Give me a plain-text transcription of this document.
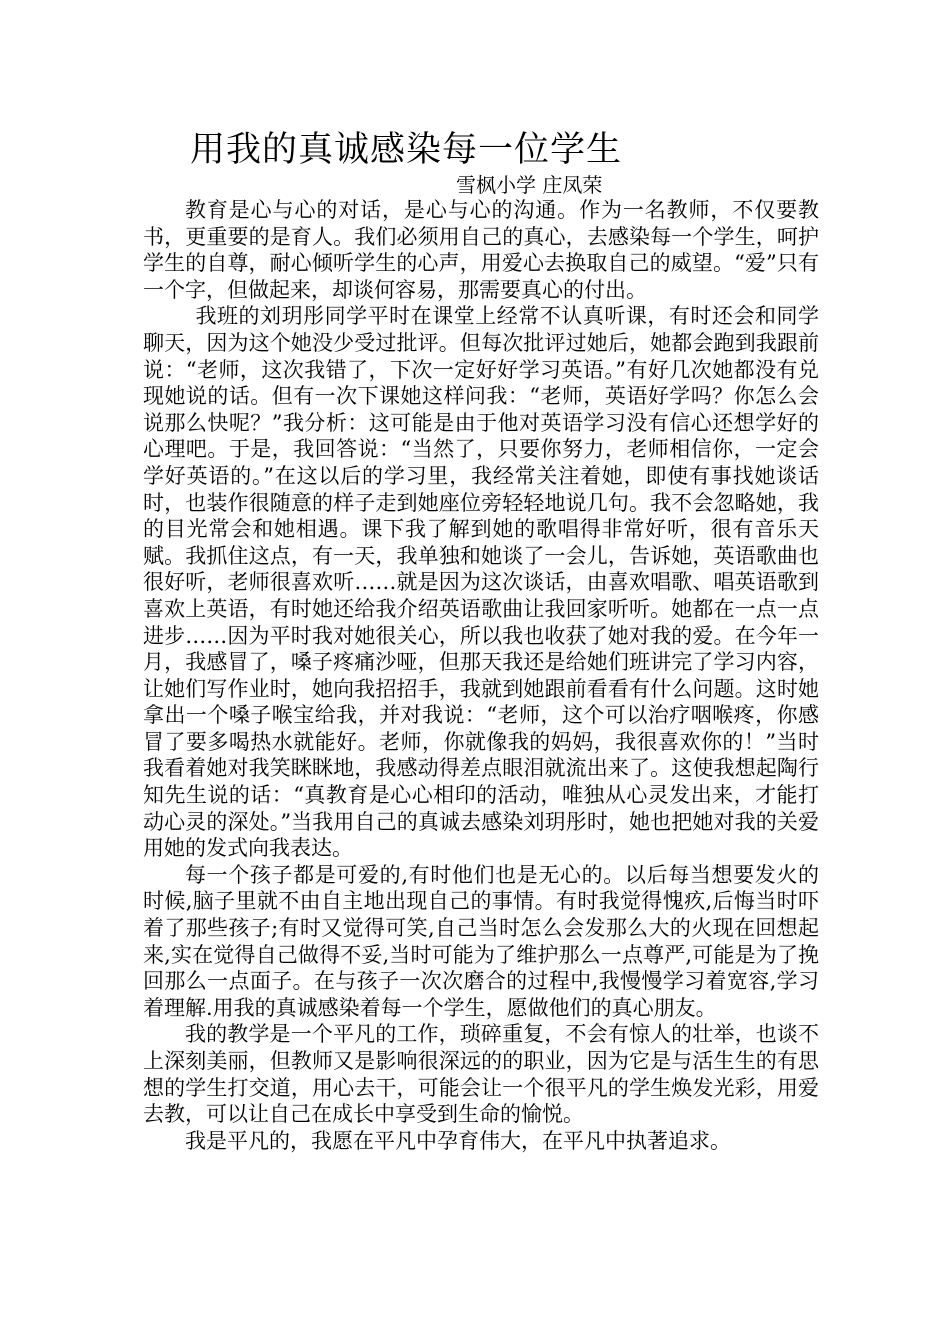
用我的真诚感染每一位学生
雪枫小学 庄凤荣

教育是心与心的对话，是心与心的沟通。作为一名教师，不仅要教书，更重要的是育人。我们必须用自己的真心，去感染每一个学生，呵护学生的自尊，耐心倾听学生的心声，用爱心去换取自己的威望。“爱”只有一个字，但做起来，却谈何容易，那需要真心的付出。

我班的刘玥彤同学平时在课堂上经常不认真听课，有时还会和同学聊天，因为这个她没少受过批评。但每次批评过她后，她都会跑到我跟前说：“老师，这次我错了，下次一定好好学习英语。”有好几次她都没有兑现她说的话。但有一次下课她这样问我：“老师，英语好学吗？你怎么会说那么快呢？”我分析：这可能是由于他对英语学习没有信心还想学好的心理吧。于是，我回答说：“当然了，只要你努力，老师相信你，一定会学好英语的。”在这以后的学习里，我经常关注着她，即使有事找她谈话时，也装作很随意的样子走到她座位旁轻轻地说几句。我不会忽略她，我的目光常会和她相遇。课下我了解到她的歌唱得非常好听，很有音乐天赋。我抓住这点，有一天，我单独和她谈了一会儿，告诉她，英语歌曲也很好听，老师很喜欢听……就是因为这次谈话，由喜欢唱歌、唱英语歌到喜欢上英语，有时她还给我介绍英语歌曲让我回家听听。她都在一点一点进步……因为平时我对她很关心，所以我也收获了她对我的爱。在今年一月，我感冒了，嗓子疼痛沙哑，但那天我还是给她们班讲完了学习内容，让她们写作业时，她向我招招手，我就到她跟前看看有什么问题。这时她拿出一个嗓子喉宝给我，并对我说：“老师，这个可以治疗咽喉疼，你感冒了要多喝热水就能好。老师，你就像我的妈妈，我很喜欢你的！”当时我看着她对我笑眯眯地，我感动得差点眼泪就流出来了。这使我想起陶行知先生说的话：“真教育是心心相印的活动，唯独从心灵发出来，才能打动心灵的深处。”当我用自己的真诚去感染刘玥彤时，她也把她对我的关爱用她的发式向我表达。

每一个孩子都是可爱的,有时他们也是无心的。以后每当想要发火的时候,脑子里就不由自主地出现自己的事情。有时我觉得愧疚,后悔当时吓着了那些孩子;有时又觉得可笑,自己当时怎么会发那么大的火现在回想起来,实在觉得自己做得不妥,当时可能为了维护那么一点尊严,可能是为了挽回那么一点面子。在与孩子一次次磨合的过程中,我慢慢学习着宽容,学习着理解.用我的真诚感染着每一个学生，愿做他们的真心朋友。

我的教学是一个平凡的工作，琐碎重复，不会有惊人的壮举，也谈不上深刻美丽，但教师又是影响很深远的的职业，因为它是与活生生的有思想的学生打交道，用心去干，可能会让一个很平凡的学生焕发光彩，用爱去教，可以让自己在成长中享受到生命的愉悦。

我是平凡的，我愿在平凡中孕育伟大，在平凡中执著追求。
